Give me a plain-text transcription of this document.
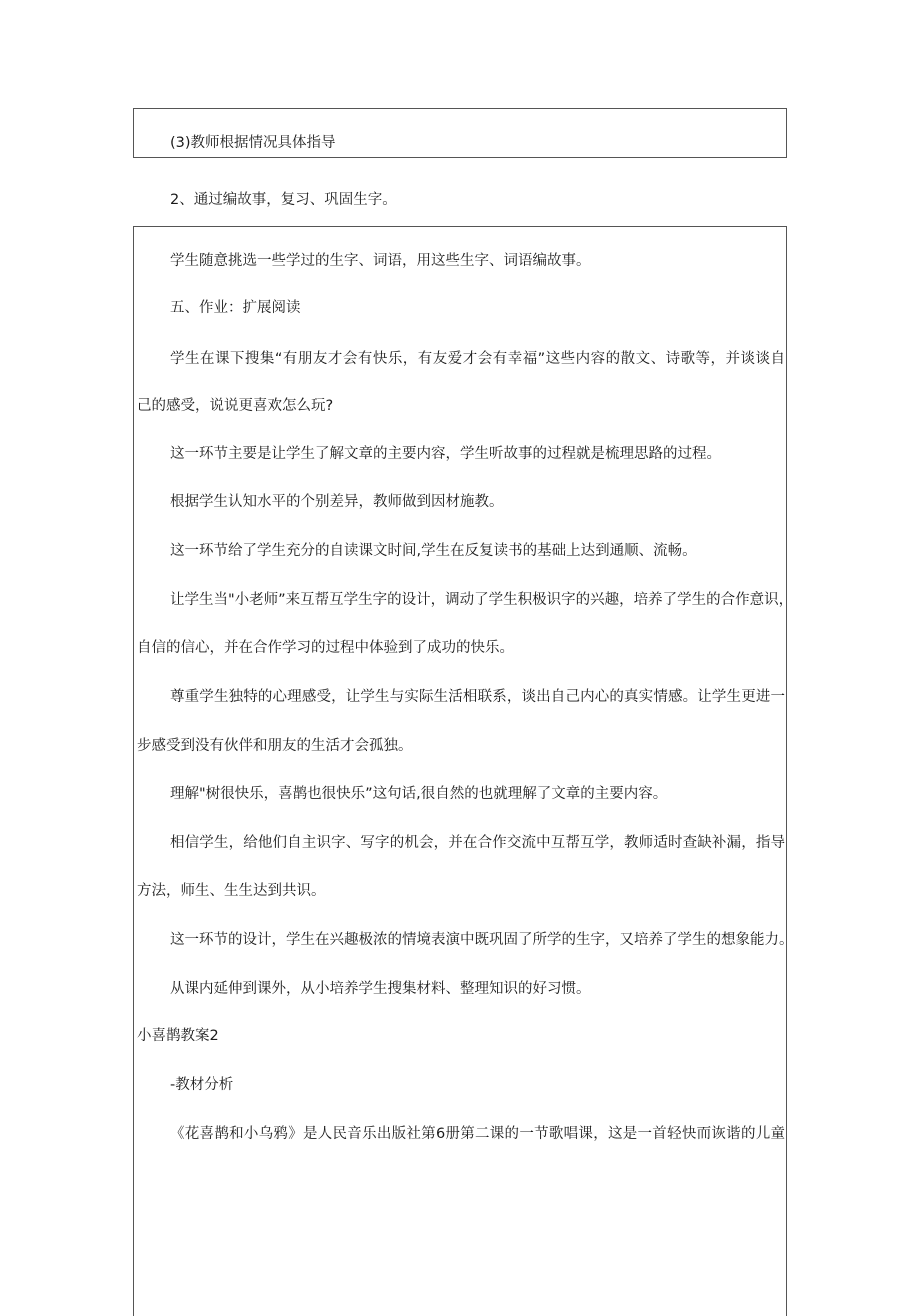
(3)教师根据情况具体指导

2、通过编故事，复习、巩固生字。

学生随意挑选一些学过的生字、词语，用这些生字、词语编故事。

五、作业：扩展阅读

学生在课下搜集“有朋友才会有快乐，有友爱才会有幸福”这些内容的散文、诗歌等，并谈谈自

己的感受，说说更喜欢怎么玩?

这一环节主要是让学生了解文章的主要内容，学生听故事的过程就是梳理思路的过程。

根据学生认知水平的个别差异，教师做到因材施教。

这一环节给了学生充分的自读课文时间,学生在反复读书的基础上达到通顺、流畅。

让学生当"小老师”来互帮互学生字的设计，调动了学生积极识字的兴趣，培养了学生的合作意识，

自信的信心，并在合作学习的过程中体验到了成功的快乐。

尊重学生独特的心理感受，让学生与实际生活相联系，谈出自己内心的真实情感。让学生更进一

步感受到没有伙伴和朋友的生活才会孤独。

理解"树很快乐，喜鹊也很快乐”这句话,很自然的也就理解了文章的主要内容。

相信学生，给他们自主识字、写字的机会，并在合作交流中互帮互学，教师适时查缺补漏，指导

方法，师生、生生达到共识。

这一环节的设计，学生在兴趣极浓的情境表演中既巩固了所学的生字，又培养了学生的想象能力。

从课内延伸到课外，从小培养学生搜集材料、整理知识的好习惯。

小喜鹊教案2

-教材分析

《花喜鹊和小乌鸦》是人民音乐出版社第6册第二课的一节歌唱课，这是一首轻快而诙谐的儿童
